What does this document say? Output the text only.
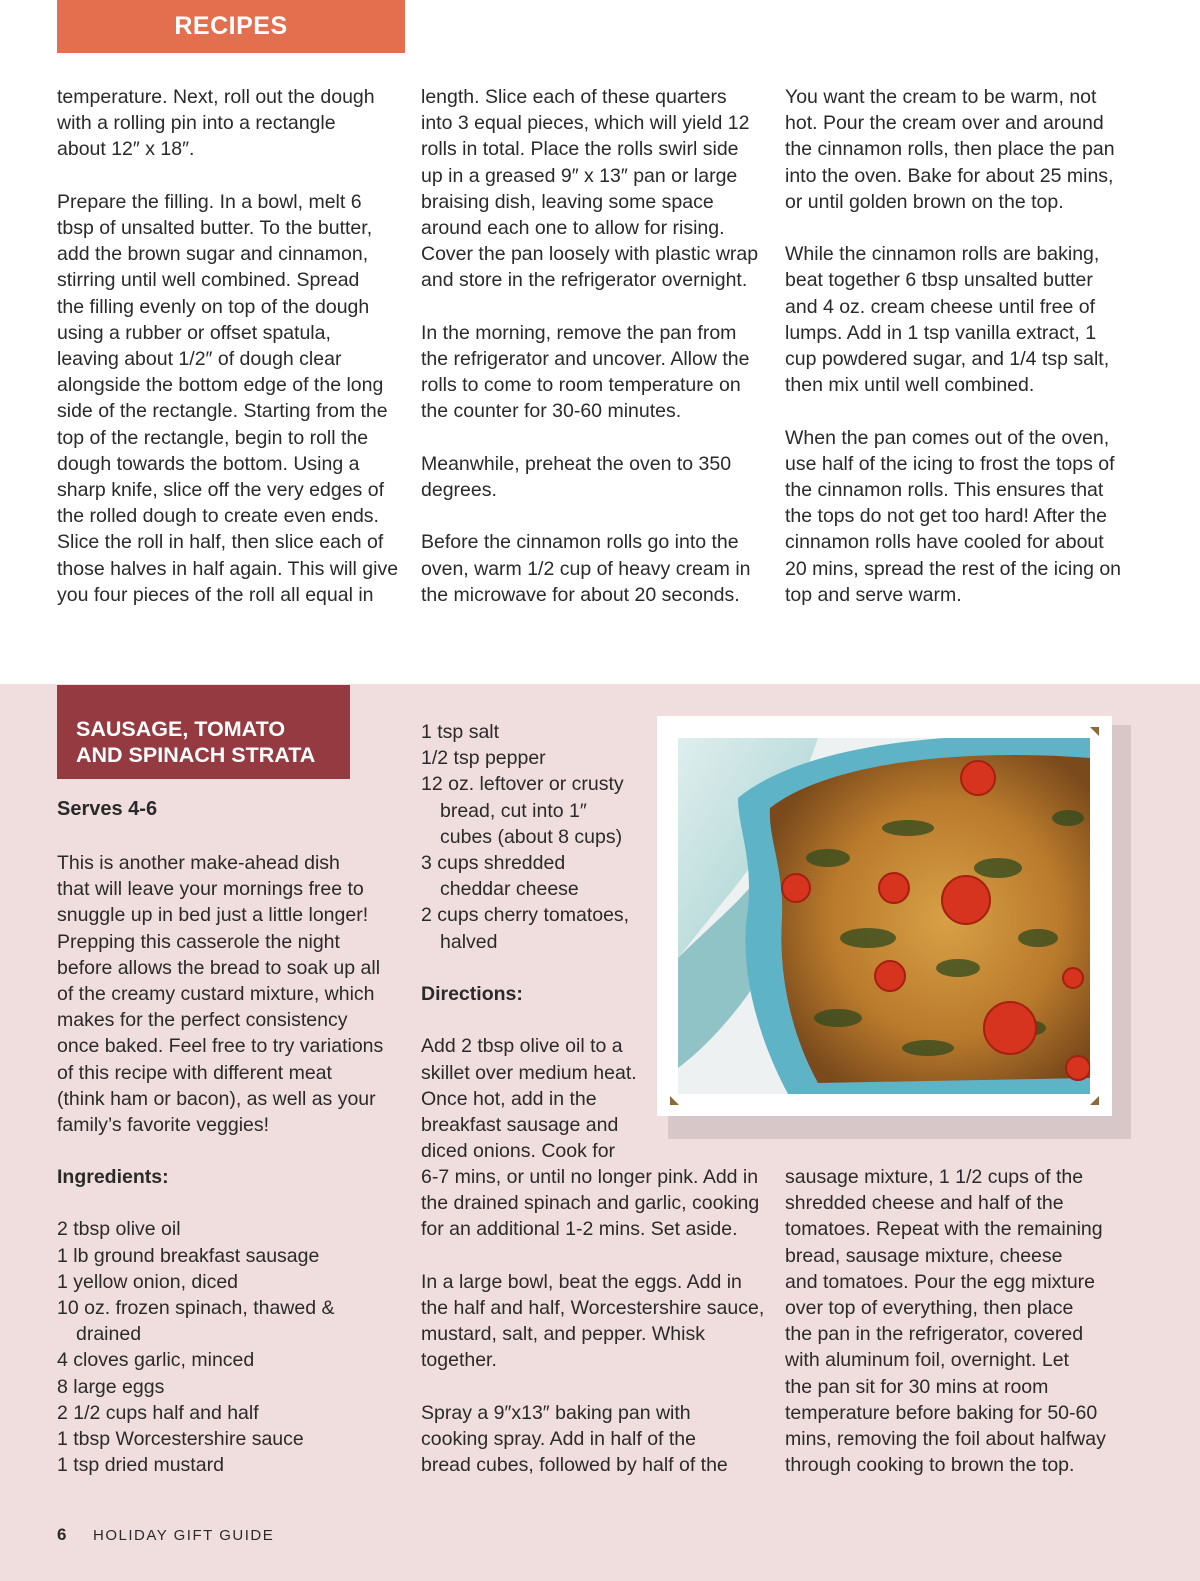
RECIPES
temperature. Next, roll out the dough
with a rolling pin into a rectangle
about 12″ x 18″.
Prepare the filling. In a bowl, melt 6
tbsp of unsalted butter. To the butter,
add the brown sugar and cinnamon,
stirring until well combined. Spread
the filling evenly on top of the dough
using a rubber or offset spatula,
leaving about 1/2″ of dough clear
alongside the bottom edge of the long
side of the rectangle. Starting from the
top of the rectangle, begin to roll the
dough towards the bottom. Using a
sharp knife, slice off the very edges of
the rolled dough to create even ends.
Slice the roll in half, then slice each of
those halves in half again. This will give
you four pieces of the roll all equal in
length. Slice each of these quarters
into 3 equal pieces, which will yield 12
rolls in total. Place the rolls swirl side
up in a greased 9″ x 13″ pan or large
braising dish, leaving some space
around each one to allow for rising.
Cover the pan loosely with plastic wrap
and store in the refrigerator overnight.
In the morning, remove the pan from
the refrigerator and uncover. Allow the
rolls to come to room temperature on
the counter for 30-60 minutes.
Meanwhile, preheat the oven to 350
degrees.
Before the cinnamon rolls go into the
oven, warm 1/2 cup of heavy cream in
the microwave for about 20 seconds.
You want the cream to be warm, not
hot. Pour the cream over and around
the cinnamon rolls, then place the pan
into the oven. Bake for about 25 mins,
or until golden brown on the top.
While the cinnamon rolls are baking,
beat together 6 tbsp unsalted butter
and 4 oz. cream cheese until free of
lumps. Add in 1 tsp vanilla extract, 1
cup powdered sugar, and 1/4 tsp salt,
then mix until well combined.
When the pan comes out of the oven,
use half of the icing to frost the tops of
the cinnamon rolls. This ensures that
the tops do not get too hard! After the
cinnamon rolls have cooled for about
20 mins, spread the rest of the icing on
top and serve warm.
SAUSAGE, TOMATO
AND SPINACH STRATA
Serves 4-6
This is another make-ahead dish
that will leave your mornings free to
snuggle up in bed just a little longer!
Prepping this casserole the night
before allows the bread to soak up all
of the creamy custard mixture, which
makes for the perfect consistency
once baked. Feel free to try variations
of this recipe with different meat
(think ham or bacon), as well as your
family’s favorite veggies!
Ingredients:
2 tbsp olive oil
1 lb ground breakfast sausage
1 yellow onion, diced
10 oz. frozen spinach, thawed &
drained
4 cloves garlic, minced
8 large eggs
2 1/2 cups half and half
1 tbsp Worcestershire sauce
1 tsp dried mustard
1 tsp salt
1/2 tsp pepper
12 oz. leftover or crusty
bread, cut into 1″
cubes (about 8 cups)
3 cups shredded
cheddar cheese
2 cups cherry tomatoes,
halved
Directions:
Add 2 tbsp olive oil to a
skillet over medium heat.
Once hot, add in the
breakfast sausage and
diced onions. Cook for
6-7 mins, or until no longer pink. Add in
the drained spinach and garlic, cooking
for an additional 1-2 mins. Set aside.
In a large bowl, beat the eggs. Add in
the half and half, Worcestershire sauce,
mustard, salt, and pepper. Whisk
together.
Spray a 9″x13″ baking pan with
cooking spray. Add in half of the
bread cubes, followed by half of the
sausage mixture, 1 1/2 cups of the
shredded cheese and half of the
tomatoes. Repeat with the remaining
bread, sausage mixture, cheese
and tomatoes. Pour the egg mixture
over top of everything, then place
the pan in the refrigerator, covered
with aluminum foil, overnight. Let
the pan sit for 30 mins at room
temperature before baking for 50-60
mins, removing the foil about halfway
through cooking to brown the top.
6 HOLIDAY GIFT GUIDE
